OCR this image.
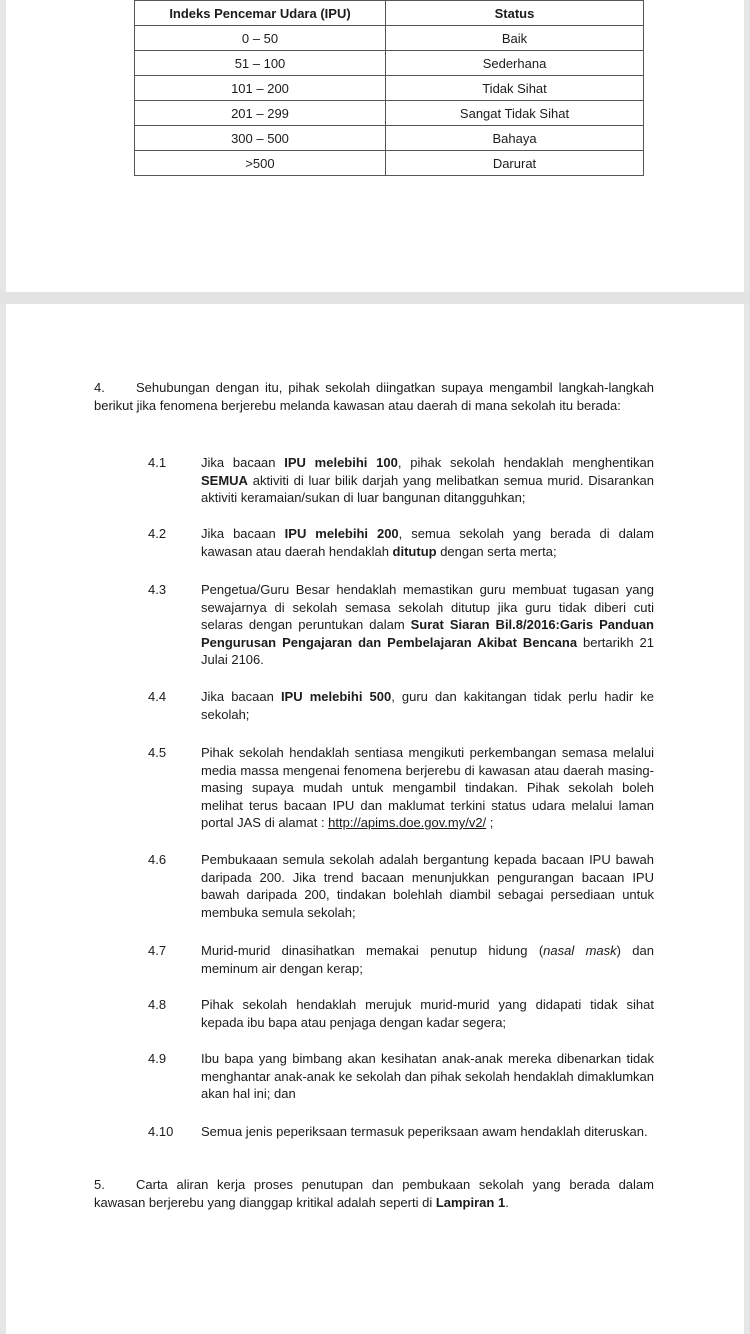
Indeks Pencemar Udara (IPU)	Status
0 – 50	Baik
51 – 100	Sederhana
101 – 200	Tidak Sihat
201 – 299	Sangat Tidak Sihat
300 – 500	Bahaya
>500	Darurat
4. Sehubungan dengan itu, pihak sekolah diingatkan supaya mengambil langkah-langkah berikut jika fenomena berjerebu melanda kawasan atau daerah di mana sekolah itu berada:
4.1	Jika bacaan IPU melebihi 100, pihak sekolah hendaklah menghentikan SEMUA aktiviti di luar bilik darjah yang melibatkan semua murid. Disarankan aktiviti keramaian/sukan di luar bangunan ditangguhkan;
4.2	Jika bacaan IPU melebihi 200, semua sekolah yang berada di dalam kawasan atau daerah hendaklah ditutup dengan serta merta;
4.3	Pengetua/Guru Besar hendaklah memastikan guru membuat tugasan yang sewajarnya di sekolah semasa sekolah ditutup jika guru tidak diberi cuti selaras dengan peruntukan dalam Surat Siaran Bil.8/2016:Garis Panduan Pengurusan Pengajaran dan Pembelajaran Akibat Bencana bertarikh 21 Julai 2106.
4.4	Jika bacaan IPU melebihi 500, guru dan kakitangan tidak perlu hadir ke sekolah;
4.5	Pihak sekolah hendaklah sentiasa mengikuti perkembangan semasa melalui media massa mengenai fenomena berjerebu di kawasan atau daerah masing-masing supaya mudah untuk mengambil tindakan. Pihak sekolah boleh melihat terus bacaan IPU dan maklumat terkini status udara melalui laman portal JAS di alamat : http://apims.doe.gov.my/v2/ ;
4.6	Pembukaaan semula sekolah adalah bergantung kepada bacaan IPU bawah daripada 200. Jika trend bacaan menunjukkan pengurangan bacaan IPU bawah daripada 200, tindakan bolehlah diambil sebagai persediaan untuk membuka semula sekolah;
4.7	Murid-murid dinasihatkan memakai penutup hidung (nasal mask) dan meminum air dengan kerap;
4.8	Pihak sekolah hendaklah merujuk murid-murid yang didapati tidak sihat kepada ibu bapa atau penjaga dengan kadar segera;
4.9	Ibu bapa yang bimbang akan kesihatan anak-anak mereka dibenarkan tidak menghantar anak-anak ke sekolah dan pihak sekolah hendaklah dimaklumkan akan hal ini; dan
4.10	Semua jenis peperiksaan termasuk peperiksaan awam hendaklah diteruskan.
5. Carta aliran kerja proses penutupan dan pembukaan sekolah yang berada dalam kawasan berjerebu yang dianggap kritikal adalah seperti di Lampiran 1.
